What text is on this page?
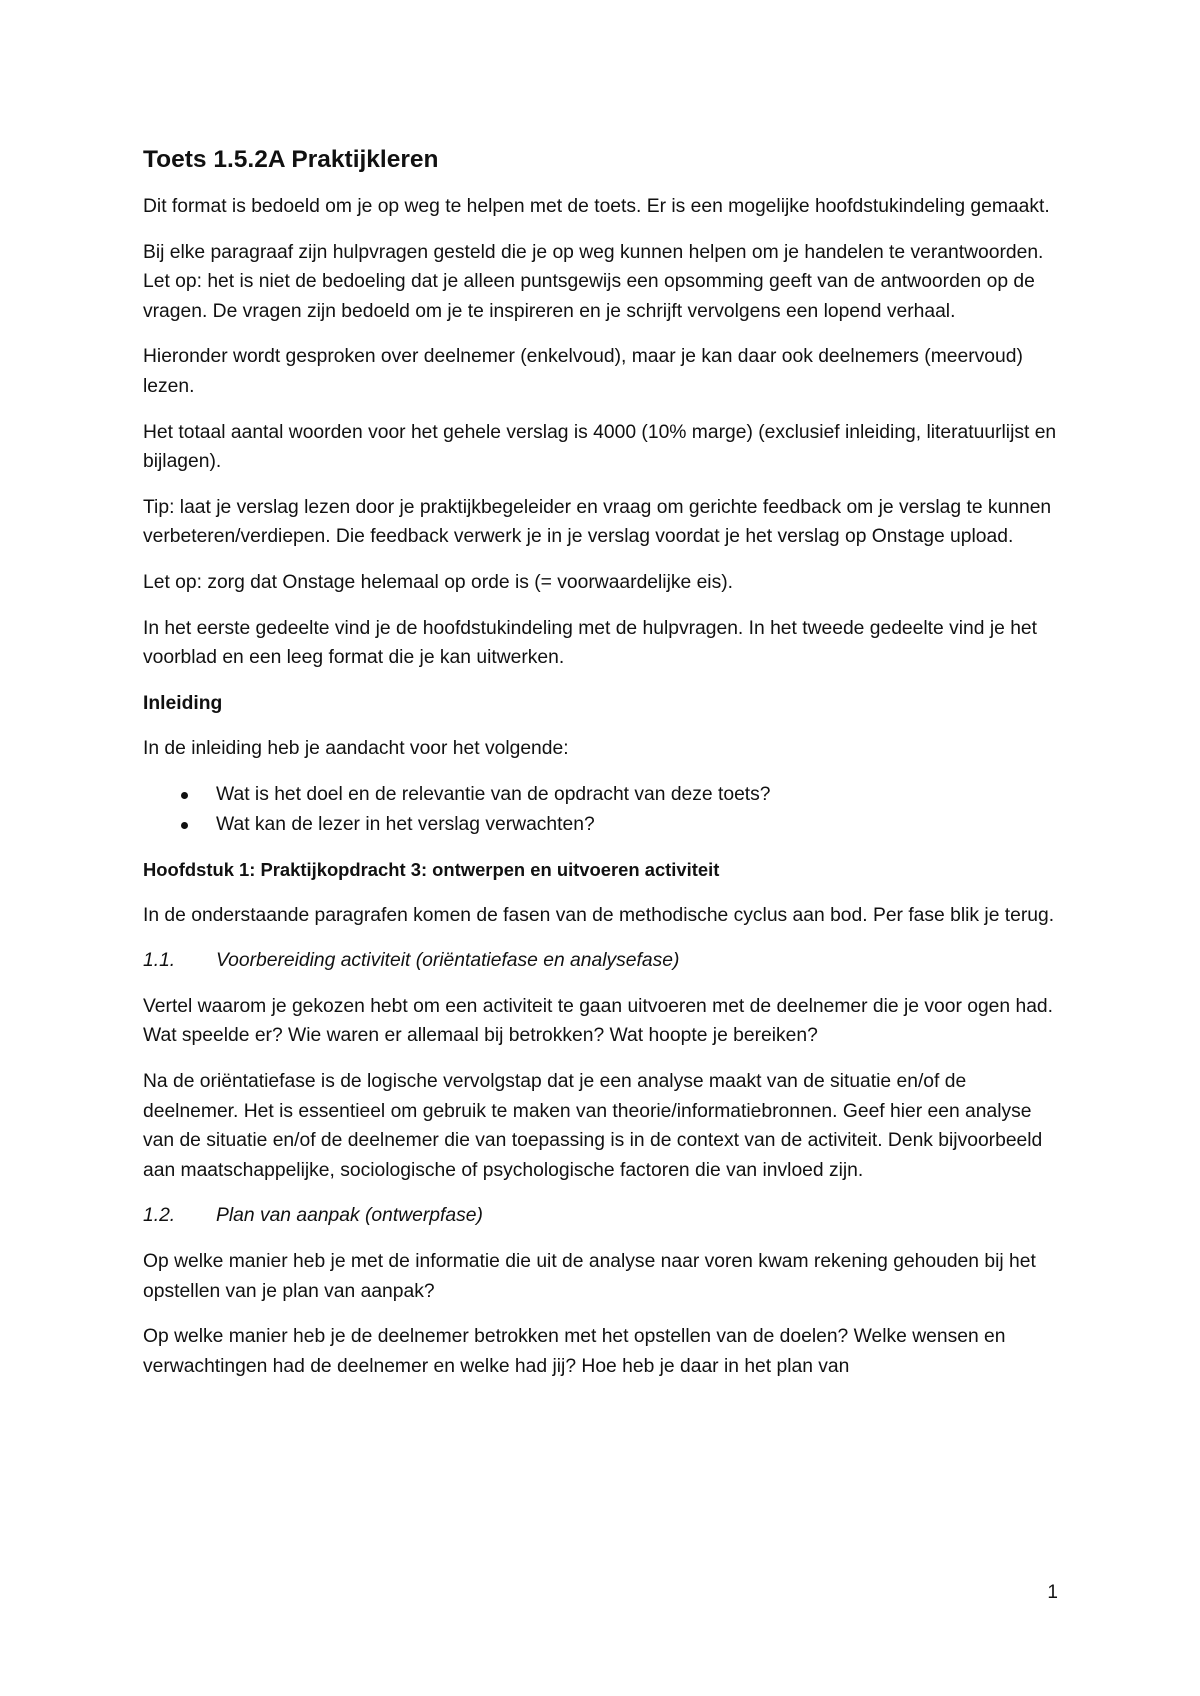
Toets 1.5.2A Praktijkleren

Dit format is bedoeld om je op weg te helpen met de toets. Er is een mogelijke hoofdstukindeling gemaakt.

Bij elke paragraaf zijn hulpvragen gesteld die je op weg kunnen helpen om je handelen te verantwoorden. Let op: het is niet de bedoeling dat je alleen puntsgewijs een opsomming geeft van de antwoorden op de vragen. De vragen zijn bedoeld om je te inspireren en je schrijft vervolgens een lopend verhaal.

Hieronder wordt gesproken over deelnemer (enkelvoud), maar je kan daar ook deelnemers (meervoud) lezen.

Het totaal aantal woorden voor het gehele verslag is 4000 (10% marge) (exclusief inleiding, literatuurlijst en bijlagen).

Tip: laat je verslag lezen door je praktijkbegeleider en vraag om gerichte feedback om je verslag te kunnen verbeteren/verdiepen. Die feedback verwerk je in je verslag voordat je het verslag op Onstage upload.

Let op: zorg dat Onstage helemaal op orde is (= voorwaardelijke eis).

In het eerste gedeelte vind je de hoofdstukindeling met de hulpvragen. In het tweede gedeelte vind je het voorblad en een leeg format die je kan uitwerken.

Inleiding

In de inleiding heb je aandacht voor het volgende:

Wat is het doel en de relevantie van de opdracht van deze toets?
Wat kan de lezer in het verslag verwachten?
Hoofdstuk 1: Praktijkopdracht 3: ontwerpen en uitvoeren activiteit

In de onderstaande paragrafen komen de fasen van de methodische cyclus aan bod. Per fase blik je terug.

1.1.	Voorbereiding activiteit (oriëntatiefase en analysefase)

Vertel waarom je gekozen hebt om een activiteit te gaan uitvoeren met de deelnemer die je voor ogen had. Wat speelde er? Wie waren er allemaal bij betrokken? Wat hoopte je bereiken?

Na de oriëntatiefase is de logische vervolgstap dat je een analyse maakt van de situatie en/of de deelnemer. Het is essentieel om gebruik te maken van theorie/informatiebronnen. Geef hier een analyse van de situatie en/of de deelnemer die van toepassing is in de context van de activiteit. Denk bijvoorbeeld aan maatschappelijke, sociologische of psychologische factoren die van invloed zijn.

1.2.	Plan van aanpak (ontwerpfase)

Op welke manier heb je met de informatie die uit de analyse naar voren kwam rekening gehouden bij het opstellen van je plan van aanpak?

Op welke manier heb je de deelnemer betrokken met het opstellen van de doelen? Welke wensen en verwachtingen had de deelnemer en welke had jij? Hoe heb je daar in het plan van

1
